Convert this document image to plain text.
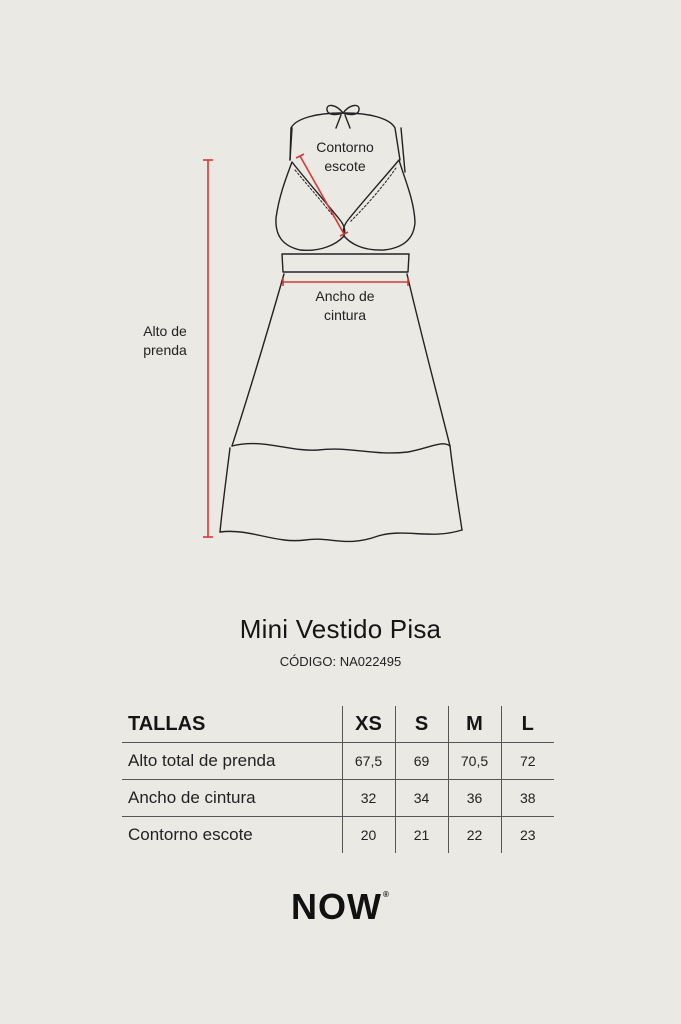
Contorno
escote
Ancho de
cintura
Alto de
prenda
Mini Vestido Pisa
CÓDIGO: NA022495
TALLAS	XS	S	M	L
Alto total de prenda	67,5	69	70,5	72
Ancho de cintura	32	34	36	38
Contorno escote	20	21	22	23
NOW®
